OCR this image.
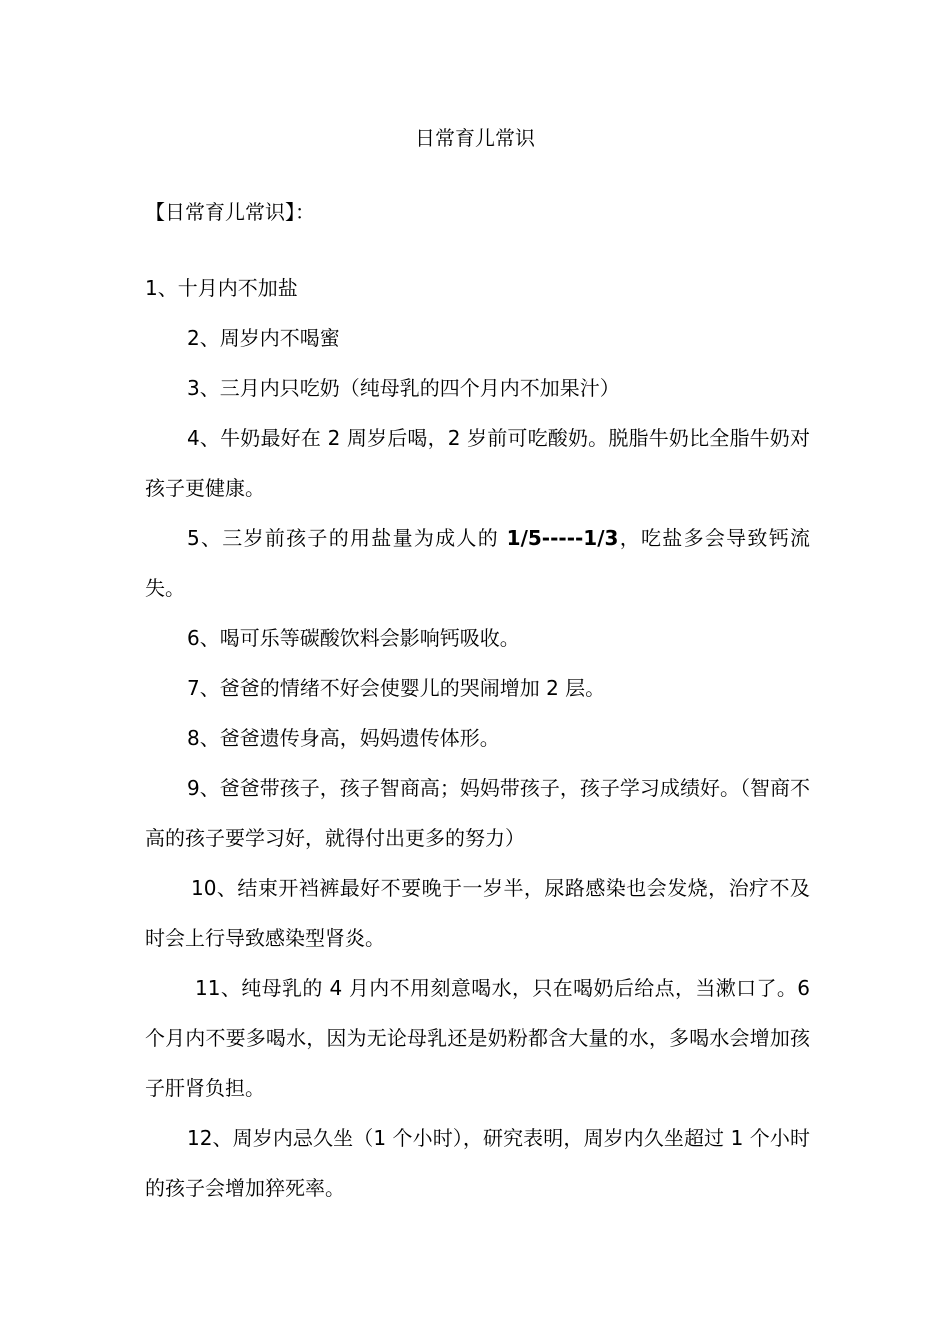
日常育儿常识

【日常育儿常识】：

1、十月内不加盐

2、周岁内不喝蜜

3、三月内只吃奶（纯母乳的四个月内不加果汁）

4、牛奶最好在 2 周岁后喝，2 岁前可吃酸奶。脱脂牛奶比全脂牛奶对孩子更健康。

5、三岁前孩子的用盐量为成人的 1/5-----1/3，吃盐多会导致钙流失。

6、喝可乐等碳酸饮料会影响钙吸收。

7、爸爸的情绪不好会使婴儿的哭闹增加 2 层。

8、爸爸遗传身高，妈妈遗传体形。

9、爸爸带孩子，孩子智商高；妈妈带孩子，孩子学习成绩好。（智商不高的孩子要学习好，就得付出更多的努力）

10、结束开裆裤最好不要晚于一岁半，尿路感染也会发烧，治疗不及时会上行导致感染型肾炎。

11、纯母乳的 4 月内不用刻意喝水，只在喝奶后给点，当漱口了。6 个月内不要多喝水，因为无论母乳还是奶粉都含大量的水，多喝水会增加孩子肝肾负担。

12、周岁内忌久坐（1 个小时），研究表明，周岁内久坐超过 1 个小时的孩子会增加猝死率。
